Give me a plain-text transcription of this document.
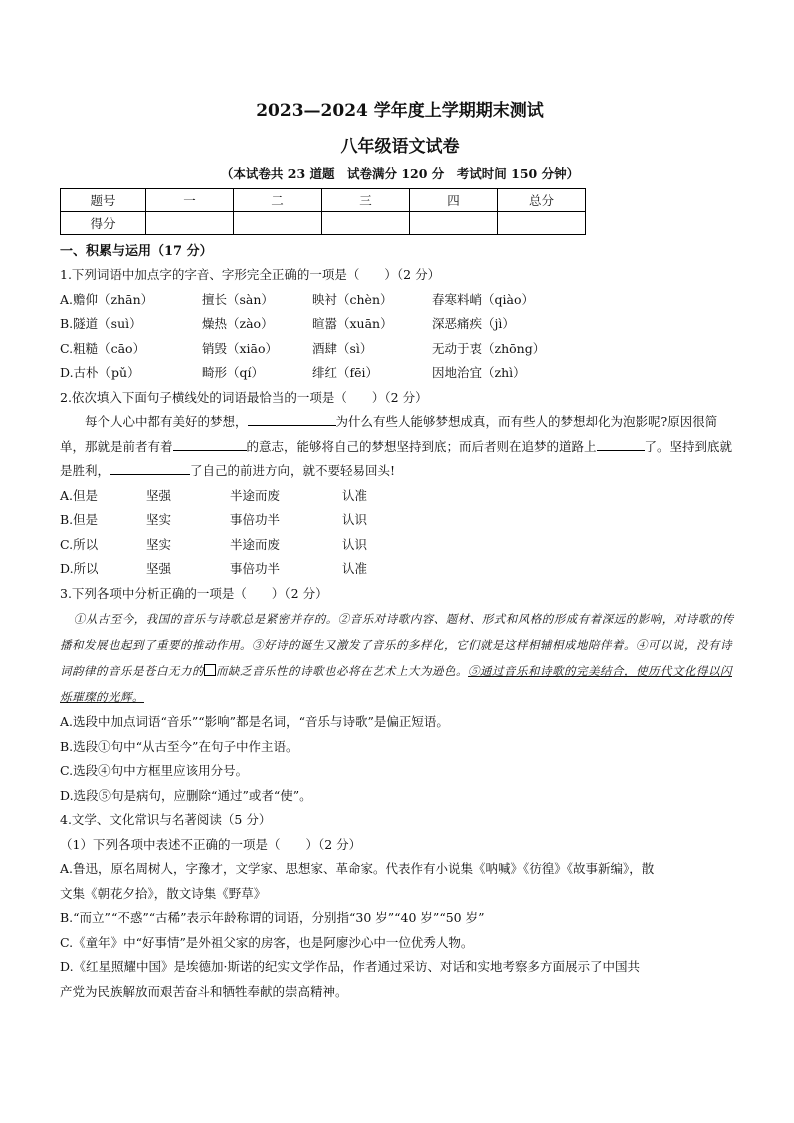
2023—2024 学年度上学期期末测试
八年级语文试卷
（本试卷共 23 道题　试卷满分 120 分　考试时间 150 分钟）
题号	一	二	三	四	总分
得分					
一、积累与运用（17 分）
1.下列词语中加点字的字音、字形完全正确的一项是（　　）（2 分）
A.赡仰（zhān）	擅长（sàn）	映衬（chèn）	春寒料峭（qiào）
B.隧道（suì）	燥热（zào）	暄嚣（xuān）	深恶痛疾（jì）
C.粗糙（cāo）	销毁（xiāo）	酒肆（sì）	无动于衷（zhōng）
D.古朴（pǔ）	畸形（qí）	绯红（fēi）	因地治宜（zhì）
2.依次填入下面句子横线处的词语最恰当的一项是（　　）（2 分）
每个人心中都有美好的梦想，	为什么有些人能够梦想成真，而有些人的梦想却化为泡影呢?原因很简单，那就是前者有着	的意志，能够将自己的梦想坚持到底；而后者则在追梦的道路上	了。坚持到底就是胜利，	了自己的前进方向，就不要轻易回头!
A.但是	坚强	半途而废	认准
B.但是	坚实	事倍功半	认识
C.所以	坚实	半途而废	认识
D.所以	坚强	事倍功半	认准
3.下列各项中分析正确的一项是（　　）（2 分）
①从古至今，我国的音乐与诗歌总是紧密并存的。②音乐对诗歌内容、题材、形式和风格的形成有着深远的影响，对诗歌的传播和发展也起到了重要的推动作用。③好诗的诞生又激发了音乐的多样化，它们就是这样相辅相成地陪伴着。④可以说，没有诗词韵律的音乐是苍白无力的 而缺乏音乐性的诗歌也必将在艺术上大为逊色。⑤通过音乐和诗歌的完美结合，使历代文化得以闪烁璀璨的光辉。
A.选段中加点词语“音乐”“影响”都是名词，“音乐与诗歌”是偏正短语。
B.选段①句中“从古至今”在句子中作主语。
C.选段④句中方框里应该用分号。
D.选段⑤句是病句，应删除“通过”或者“使”。
4.文学、文化常识与名著阅读（5 分）
（1）下列各项中表述不正确的一项是（　　）（2 分）
A.鲁迅，原名周树人，字豫才，文学家、思想家、革命家。代表作有小说集《呐喊》《彷徨》《故事新编》，散
文集《朝花夕拾》，散文诗集《野草》
B.“而立”“不惑”“古稀”表示年龄称谓的词语，分别指“30 岁”“40 岁”“50 岁”
C.《童年》中“好事情”是外祖父家的房客，也是阿廖沙心中一位优秀人物。
D.《红星照耀中国》是埃德加·斯诺的纪实文学作品，作者通过采访、对话和实地考察多方面展示了中国共
产党为民族解放而艰苦奋斗和牺牲奉献的崇高精神。
